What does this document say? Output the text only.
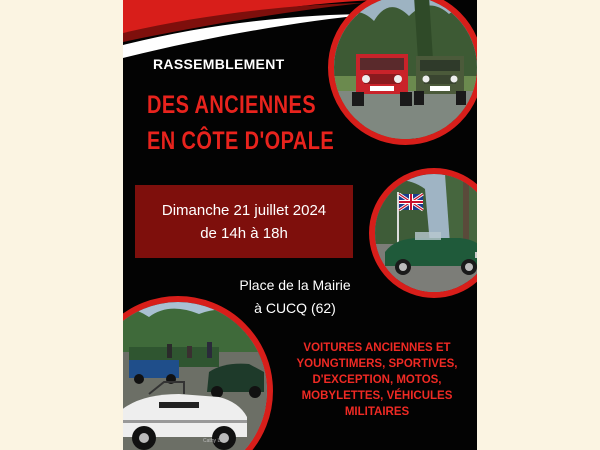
RASSEMBLEMENT
DES ANCIENNES
EN CÔTE D'OPALE
Dimanche 21 juillet 2024
de 14h à 18h
Place de la Mairie
à CUCQ (62)
VOITURES ANCIENNES ET
YOUNGTIMERS, SPORTIVES,
D'EXCEPTION, MOTOS,
MOBYLETTES, VÉHICULES
MILITAIRES
Cathy L.
